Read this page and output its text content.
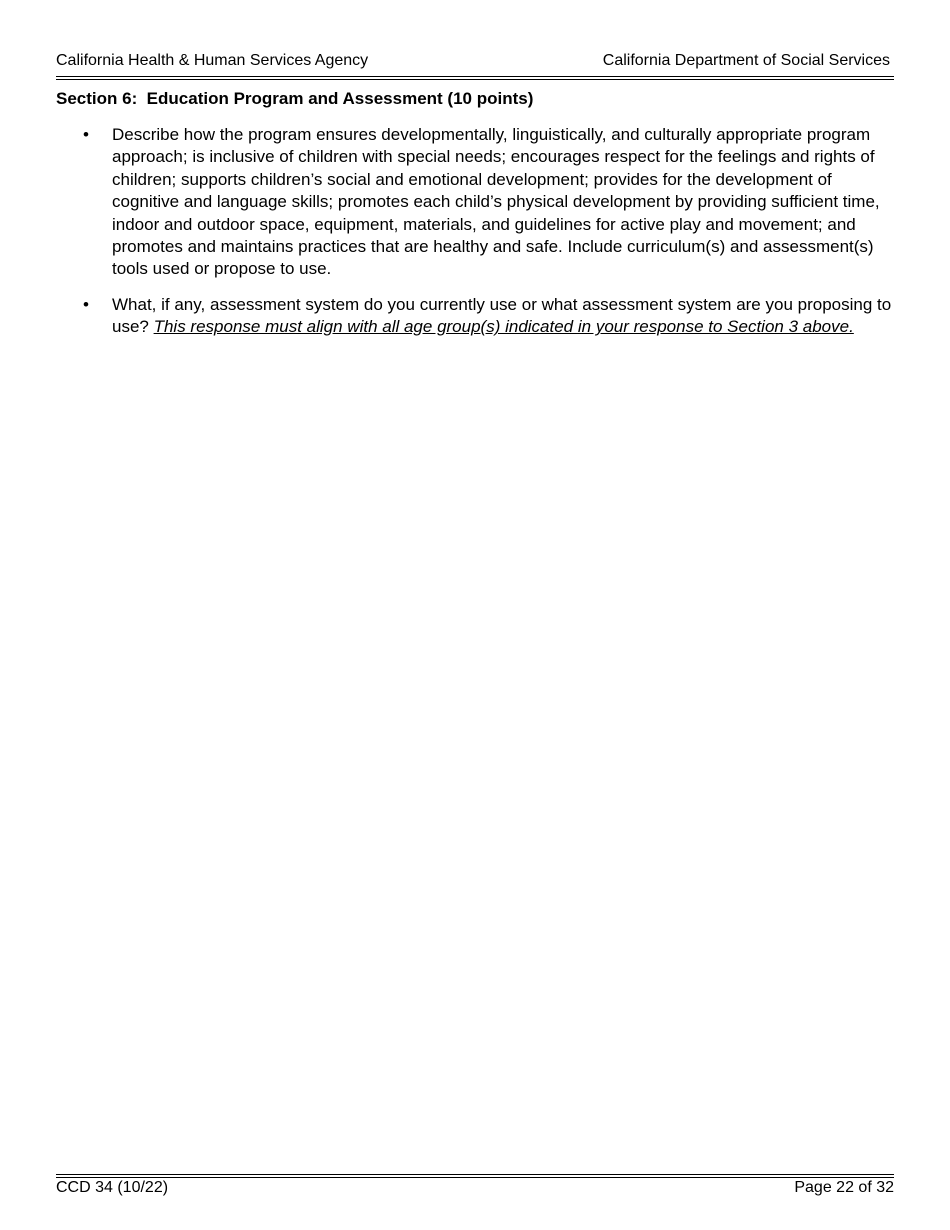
California Health & Human Services Agency	California Department of Social Services
Section 6:  Education Program and Assessment (10 points)
• Describe how the program ensures developmentally, linguistically, and culturally appropriate program approach; is inclusive of children with special needs; encourages respect for the feelings and rights of children; supports children’s social and emotional development; provides for the development of cognitive and language skills; promotes each child’s physical development by providing sufficient time, indoor and outdoor space, equipment, materials, and guidelines for active play and movement; and promotes and maintains practices that are healthy and safe. Include curriculum(s) and assessment(s) tools used or propose to use.
• What, if any, assessment system do you currently use or what assessment system are you proposing to use? This response must align with all age group(s) indicated in your response to Section 3 above.
CCD 34 (10/22)	Page 22 of 32
